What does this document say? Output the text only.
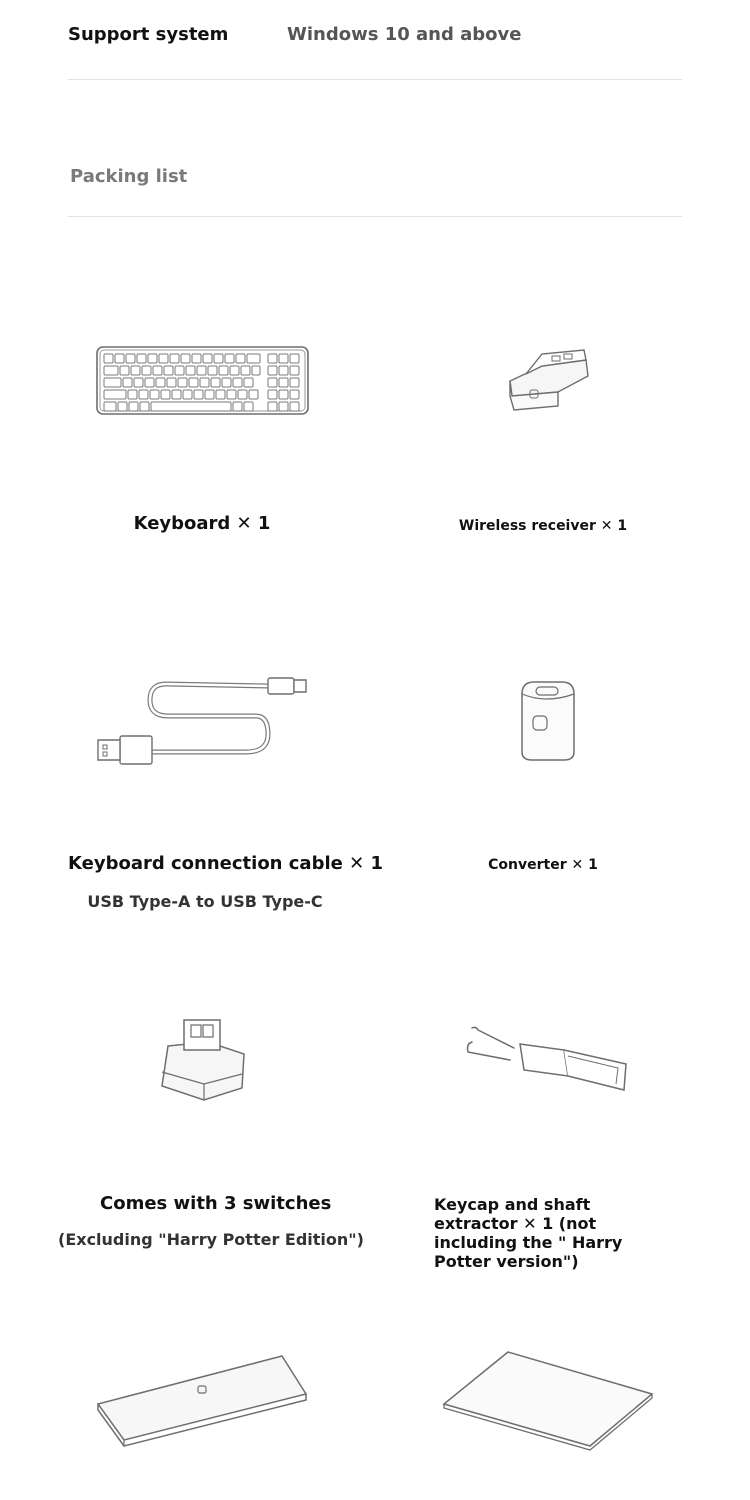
Support system	Windows 10 and above
Packing list
Keyboard ✕ 1	Wireless receiver ✕ 1
Keyboard connection cable ✕ 1
USB Type-A to USB Type-C
Converter ✕ 1
Comes with 3 switches
(Excluding "Harry Potter Edition")
Keycap and shaft extractor ✕ 1 (not including the " Harry Potter version")
